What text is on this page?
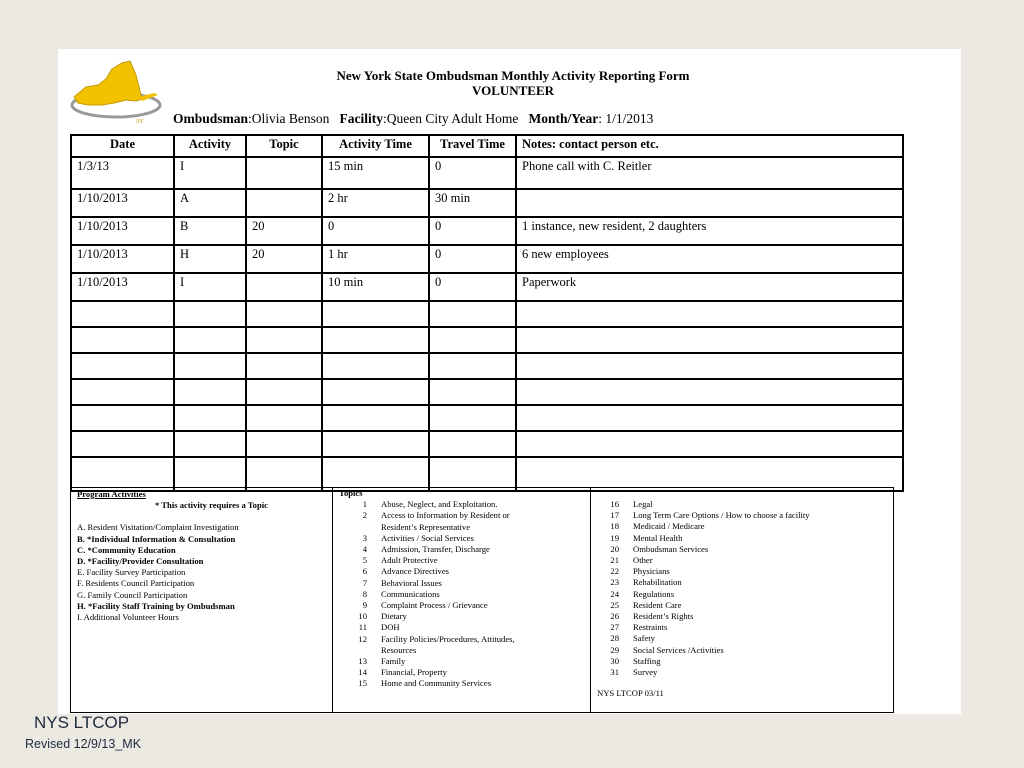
NY
New York State Ombudsman Monthly Activity Reporting Form
VOLUNTEER
Ombudsman:Olivia Benson Facility:Queen City Adult Home Month/Year: 1/1/2013
Date	Activity	Topic	Activity Time	Travel Time	Notes: contact person etc.
1/3/13	I		15 min	0	Phone call with C. Reitler
1/10/2013	A		2 hr	30 min	
1/10/2013	B	20	0	0	1 instance, new resident, 2 daughters
1/10/2013	H	20	1 hr	0	6 new employees
1/10/2013	I		10 min	0	Paperwork

Program Activities
* This activity requires a Topic
A. Resident Visitation/Complaint Investigation
B. *Individual Information & Consultation
C. *Community Education
D. *Facility/Provider Consultation
E. Facility Survey Participation
F. Residents Council Participation
G. Family Council Participation
H. *Facility Staff Training by Ombudsman
I. Additional Volunteer Hours
Topics
1	Abuse, Neglect, and Exploitation.
2	Access to Information by Resident or
Resident’s Representative
3	Activities / Social Services
4	Admission, Transfer, Discharge
5	Adult Protective
6	Advance Directives
7	Behavioral Issues
8	Communications
9	Complaint Process / Grievance
10	Dietary
11	DOH
12	Facility Policies/Procedures, Attitudes,
Resources
13	Family
14	Financial, Property
15	Home and Community Services
16	Legal
17	Long Term Care Options / How to choose a facility
18	Medicaid / Medicare
19	Mental Health
20	Ombudsman Services
21	Other
22	Physicians
23	Rehabilitation
24	Regulations
25	Resident Care
26	Resident’s Rights
27	Restraints
28	Safety
29	Social Services /Activities
30	Staffing
31	Survey
NYS LTCOP 03/11
NYS LTCOP
Revised 12/9/13_MK
